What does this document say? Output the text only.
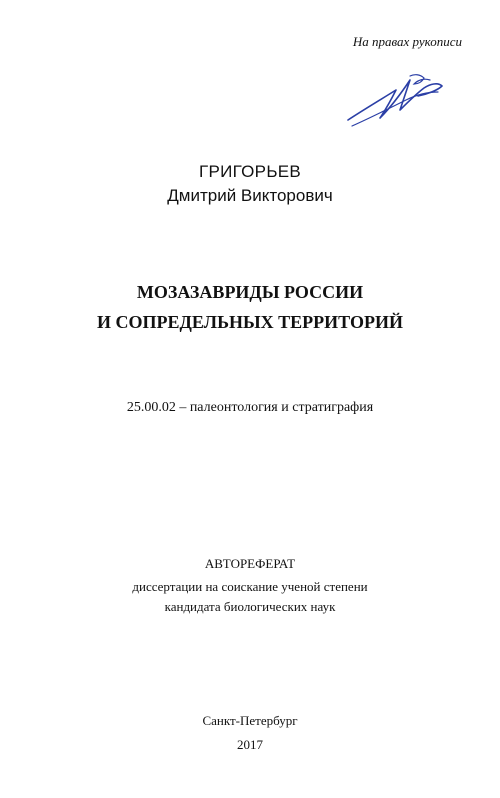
На правах рукописи
ГРИГОРЬЕВ
Дмитрий Викторович
МОЗАЗАВРИДЫ РОССИИ
И СОПРЕДЕЛЬНЫХ ТЕРРИТОРИЙ
25.00.02 – палеонтология и стратиграфия
АВТОРЕФЕРАТ
диссертации на соискание ученой степени
кандидата биологических наук
Санкт-Петербург
2017
